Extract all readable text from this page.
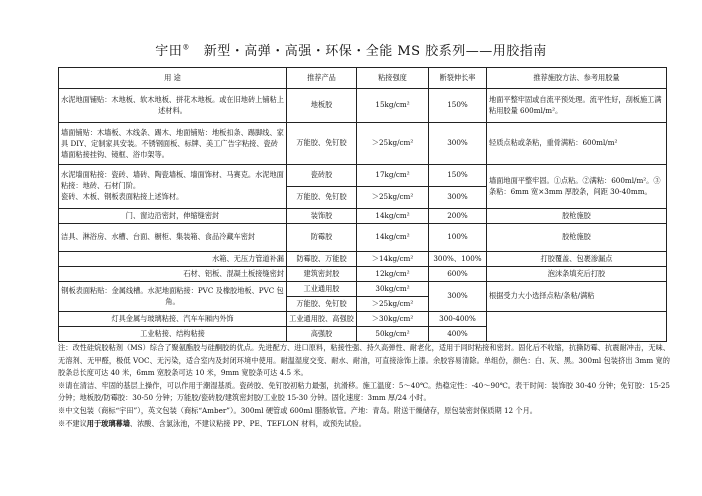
宇田® 新型・高弹・高强・环保・全能 MS 胶系列——用胶指南
用 途	推荐产品	粘接强度	断裂伸长率	推荐施胶方法、参考用胶量
水泥地面铺贴：木地板、软木地板、拼花木地板。或在旧地砖上铺粘上述材料。	地板胶	15kg/cm²	150%	地面平整牢固或自流平预处理。流平性好，刮板施工满粘用胶量 600ml/m²。
墙面铺贴：木墙板、木线条、踢木、地面铺贴：地板扣条、踢脚线、家具 DIY、定制家具安装。不锈钢面板、标牌、美工广告字粘接、瓷砖墙面粘接挂钩、镜框、浴巾架等。	万能胶、免钉胶	＞25kg/cm²	300%	轻质点粘或条粘，重骨满粘：600ml/m²
水泥墙面粘接：瓷砖、墙砖、陶瓷墙板、墙面饰材、马赛克。水泥地面粘接：地砖、石材门阶。
瓷砖、木板、钢板表面粘接上述饰材。	瓷砖胶	17kg/cm²	150%	墙面地面平整牢固。①点粘。②满粘：600ml/m²。③条粘：6mm 宽×3mm 厚胶条，间距 30-40mm。
	万能胶、免钉胶	＞25kg/cm²	300%	
门、窗边沿密封，伸缩缝密封	装饰胶	14kg/cm²	200%	胶枪施胶
洁具、淋浴房、水槽、台面、橱柜、集装箱、食品冷藏车密封	防霉胶	14kg/cm²	100%	胶枪施胶
水箱、无压力管道补漏	防霉胶、万能胶	＞14kg/cm²	300%、100%	打胶覆盖、包裹渗漏点
石材、铝板、混凝土板接缝密封	建筑密封胶	12kg/cm²	600%	泡沫条填充后打胶
钢板表面粘贴：金属线槽。水泥地面粘接：PVC 及橡胶地板、PVC 包角。	工业通用胶	30kg/cm²	300%	根据受力大小选择点粘/条粘/满粘
	万能胶、免钉胶	＞25kg/cm²		
灯具金属与玻璃粘接、汽车车厢内外饰	工业通用胶、高强胶	＞30kg/cm²	300-400%	
工业粘接、结构粘接	高强胶	50kg/cm²	400%	

注：改性硅烷胶粘剂（MS）综合了聚氨酯胶与硅酮胶的优点。先进配方、进口原料，粘接性强、持久高弹性、耐老化，适用于同时粘接和密封。固化后不收缩，抗撕防霉、抗震耐冲击，无味、无溶剂、无甲醛，极低 VOC、无污染，适合室内及封闭环境中使用。耐温湿度交变、耐水、耐油，可直接涂饰上漆。余胶容易清除。单组份，颜色：白、灰、黑。300ml 包装挤出 3mm 宽的胶条总长度可达 40 米，6mm 宽胶条可达 10 米，9mm 宽胶条可达 4.5 米。

※请在清洁、牢固的基层上操作，可以作用于潮湿基质。瓷砖胶、免钉胶初粘力最强，抗滑移。施工温度：5～40℃。热稳定性：-40～90℃。表干时间：装饰胶 30-40 分钟；免钉胶：15-25 分钟；地板胶/防霉胶：30-50 分钟；万能胶/瓷砖胶/建筑密封胶/工业胶 15-30 分钟。固化速度：3mm 厚/24 小时。

※中文包装（商标“宇田”），英文包装（商标“Amber”）。300ml 硬管或 600ml 腊肠软管。产地：青岛。附送干燥储存，原包装密封保质期 12 个月。

※不建议用于玻璃幕墙、浓酸、含氯泳池，不建议粘接 PP、PE、TEFLON 材料，或预先试验。
